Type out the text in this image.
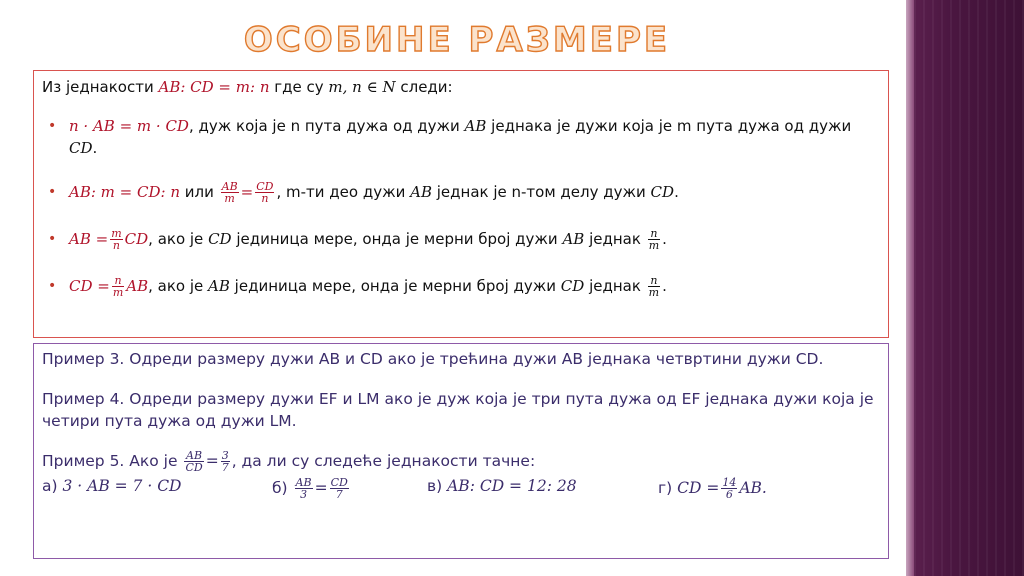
ОСОБИНЕ РАЗМЕРЕ
Из једнакости AB: CD = m: n где су m, n ∈ N следи:
• n · AB = m · CD, дуж која је n пута дужа од дужи AB једнака је дужи која је m пута дужа од дужи CD.
• AB: m = CD: n или $\frac{AB}{m} = \frac{CD}{n}$ , m-ти део дужи AB једнак је n-том делу дужи CD.
• AB = $\frac{m}{n}$ CD, ако је CD јединица мере, онда је мерни број дужи AB једнак $\frac{n}{m}$ .
• CD = $\frac{n}{m}$ AB, ако је AB јединица мере, онда је мерни број дужи CD једнак $\frac{n}{m}$ .
Пример 3. Одреди размеру дужи AB и CD ако је трећина дужи AB једнака четвртини дужи CD.
Пример 4. Одреди размеру дужи EF и LM ако је дуж која је три пута дужа од EF једнака дужи која је четири пута дужа од дужи LM.
Пример 5. Ако је $\frac{AB}{CD} = \frac{3}{7}$ , да ли су следеће једнакости тачне:
а) 3 · AB = 7 · CD	$б) \frac{AB}{3} = \frac{CD}{7}$	в) AB: CD = 12: 28	г) CD = $\frac{14}{6}$ AB.
